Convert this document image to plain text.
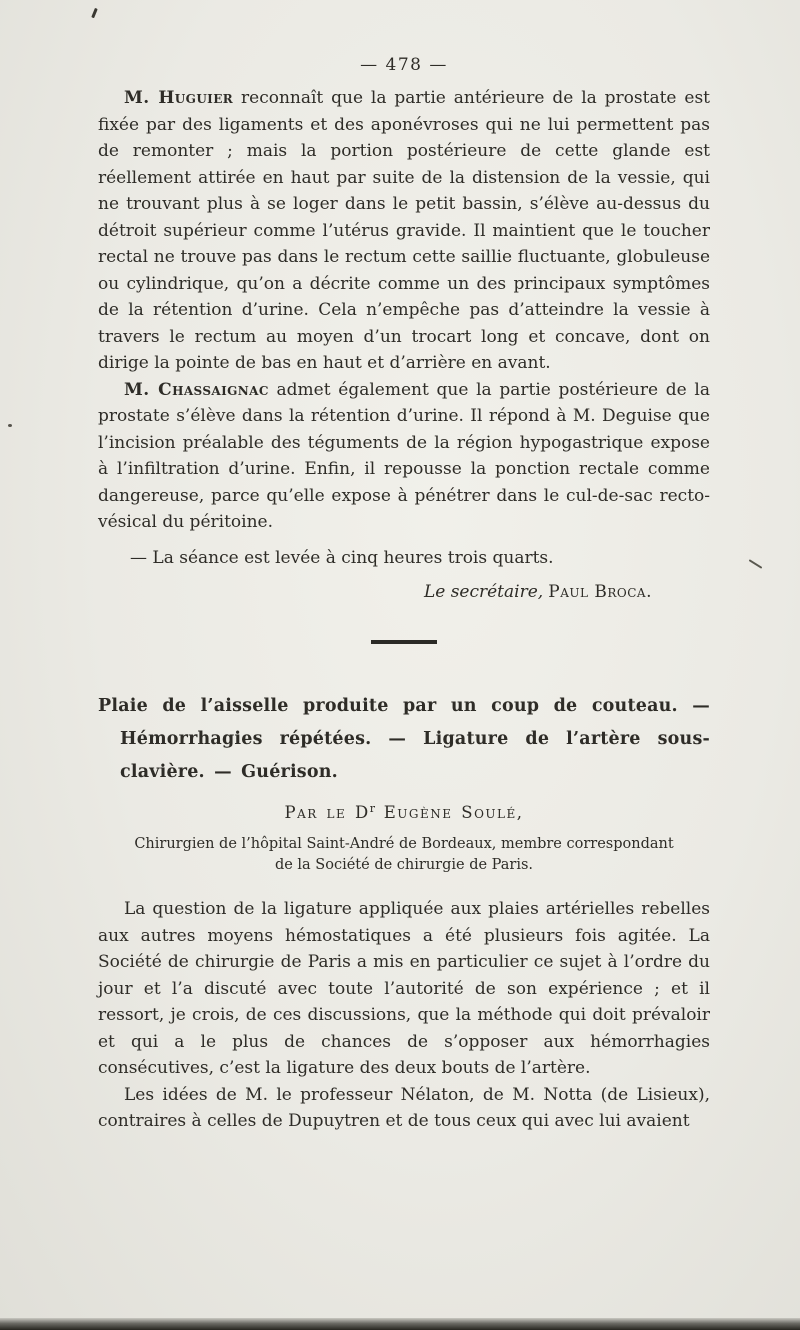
— 478 —

M. Huguier reconnaît que la partie antérieure de la prostate est fixée par des ligaments et des aponévroses qui ne lui permettent pas de remonter ; mais la portion postérieure de cette glande est réellement attirée en haut par suite de la distension de la vessie, qui ne trouvant plus à se loger dans le petit bassin, s’élève au-dessus du détroit supérieur comme l’utérus gravide. Il maintient que le toucher rectal ne trouve pas dans le rectum cette saillie fluctuante, globuleuse ou cylindrique, qu’on a décrite comme un des principaux symptômes de la rétention d’urine. Cela n’empêche pas d’atteindre la vessie à travers le rectum au moyen d’un trocart long et concave, dont on dirige la pointe de bas en haut et d’arrière en avant.

M. Chassaignac admet également que la partie postérieure de la prostate s’élève dans la rétention d’urine. Il répond à M. Deguise que l’incision préalable des téguments de la région hypogastrique expose à l’infiltration d’urine. Enfin, il repousse la ponction rectale comme dangereuse, parce qu’elle expose à pénétrer dans le cul-de-sac recto-vésical du péritoine.

— La séance est levée à cinq heures trois quarts.

Le secrétaire, Paul Broca.

Plaie de l’aisselle produite par un coup de couteau. — Hémorrhagies répétées. — Ligature de l’artère sous-clavière. — Guérison.

Par le $D^r$ Eugène Soulé,

Chirurgien de l’hôpital Saint-André de Bordeaux, membre correspondant
de la Société de chirurgie de Paris.

La question de la ligature appliquée aux plaies artérielles rebelles aux autres moyens hémostatiques a été plusieurs fois agitée. La Société de chirurgie de Paris a mis en particulier ce sujet à l’ordre du jour et l’a discuté avec toute l’autorité de son expérience ; et il ressort, je crois, de ces discussions, que la méthode qui doit prévaloir et qui a le plus de chances de s’opposer aux hémorrhagies consécutives, c’est la ligature des deux bouts de l’artère.

Les idées de M. le professeur Nélaton, de M. Notta (de Lisieux), contraires à celles de Dupuytren et de tous ceux qui avec lui avaient
